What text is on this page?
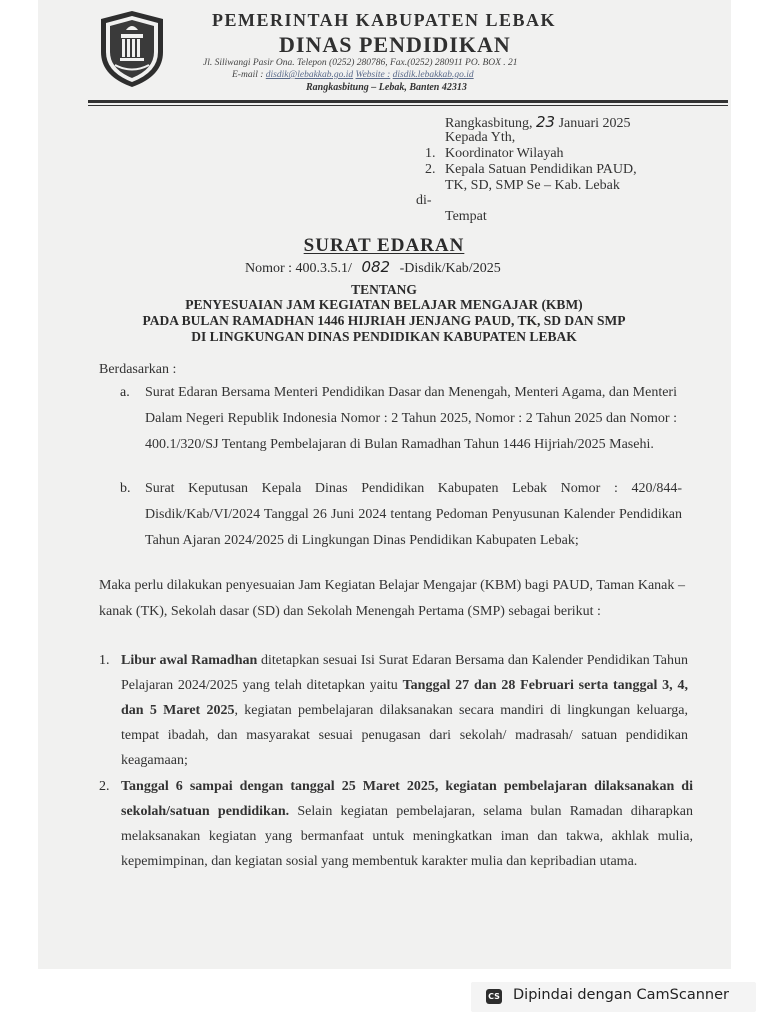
PEMERINTAH KABUPATEN LEBAK
DINAS PENDIDIKAN
Jl. Siliwangi Pasir Ona. Telepon (0252) 280786, Fax.(0252) 280911 PO. BOX . 21
E-mail : disdik@lebakkab.go.id Website : disdik.lebakkab.go.id
Rangkasbitung – Lebak, Banten 42313
Rangkasbitung, 23 Januari 2025
Kepada Yth,
1. Koordinator Wilayah
2. Kepala Satuan Pendidikan PAUD,
TK, SD, SMP Se – Kab. Lebak
di-
Tempat
SURAT EDARAN
Nomor : 400.3.5.1/ 082 -Disdik/Kab/2025
TENTANG
PENYESUAIAN JAM KEGIATAN BELAJAR MENGAJAR (KBM)
PADA BULAN RAMADHAN 1446 HIJRIAH JENJANG PAUD, TK, SD DAN SMP
DI LINGKUNGAN DINAS PENDIDIKAN KABUPATEN LEBAK
Berdasarkan :
a. Surat Edaran Bersama Menteri Pendidikan Dasar dan Menengah, Menteri Agama, dan Menteri Dalam Negeri Republik Indonesia Nomor : 2 Tahun 2025, Nomor : 2 Tahun 2025 dan Nomor : 400.1/320/SJ Tentang Pembelajaran di Bulan Ramadhan Tahun 1446 Hijriah/2025 Masehi.
b. Surat Keputusan Kepala Dinas Pendidikan Kabupaten Lebak Nomor : 420/844-Disdik/Kab/VI/2024 Tanggal 26 Juni 2024 tentang Pedoman Penyusunan Kalender Pendidikan Tahun Ajaran 2024/2025 di Lingkungan Dinas Pendidikan Kabupaten Lebak;
Maka perlu dilakukan penyesuaian Jam Kegiatan Belajar Mengajar (KBM) bagi PAUD, Taman Kanak – kanak (TK), Sekolah dasar (SD) dan Sekolah Menengah Pertama (SMP) sebagai berikut :
1. Libur awal Ramadhan ditetapkan sesuai Isi Surat Edaran Bersama dan Kalender Pendidikan Tahun Pelajaran 2024/2025 yang telah ditetapkan yaitu Tanggal 27 dan 28 Februari serta tanggal 3, 4, dan 5 Maret 2025, kegiatan pembelajaran dilaksanakan secara mandiri di lingkungan keluarga, tempat ibadah, dan masyarakat sesuai penugasan dari sekolah/ madrasah/ satuan pendidikan keagamaan;
2. Tanggal 6 sampai dengan tanggal 25 Maret 2025, kegiatan pembelajaran dilaksanakan di sekolah/satuan pendidikan. Selain kegiatan pembelajaran, selama bulan Ramadan diharapkan melaksanakan kegiatan yang bermanfaat untuk meningkatkan iman dan takwa, akhlak mulia, kepemimpinan, dan kegiatan sosial yang membentuk karakter mulia dan kepribadian utama.
CS Dipindai dengan CamScanner
